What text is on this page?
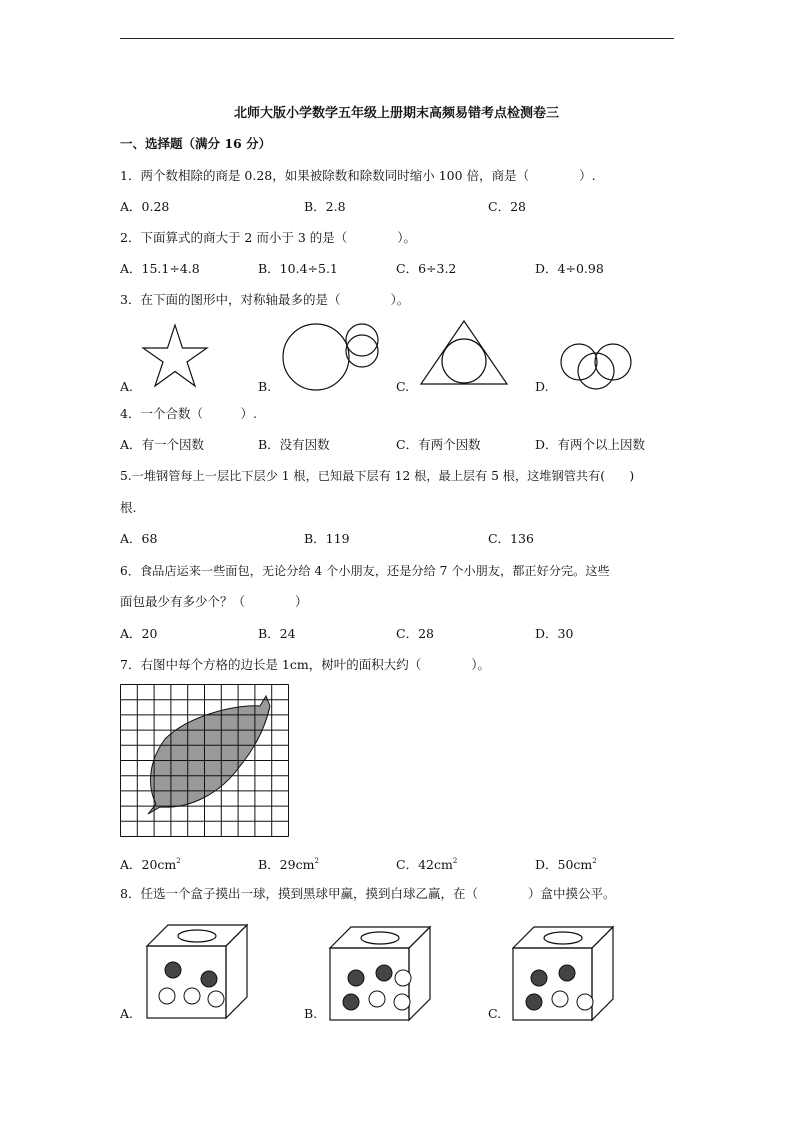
北师大版小学数学五年级上册期末高频易错考点检测卷三
一、选择题（满分 16 分）
1．两个数相除的商是 0.28，如果被除数和除数同时缩小 100 倍，商是（　　　　）.
A．0.28	B．2.8	C．28
2．下面算式的商大于 2 而小于 3 的是（　　　　）。
A．15.1÷4.8	B．10.4÷5.1	C．6÷3.2	D．4÷0.98
3．在下面的图形中，对称轴最多的是（　　　　）。
A.	B.	C.	D.
4．一个合数（　　　）.
A．有一个因数	B．没有因数	C．有两个因数	D．有两个以上因数
5.一堆钢管每上一层比下层少 1 根，已知最下层有 12 根，最上层有 5 根，这堆钢管共有(　　)
根.
A．68	B．119	C．136
6．食品店运来一些面包，无论分给 4 个小朋友，还是分给 7 个小朋友，都正好分完。这些
面包最少有多少个？（　　　　）
A．20	B．24	C．28	D．30
7．右图中每个方格的边长是 1cm，树叶的面积大约（　　　　）。
A．$20cm^2$	B．$29cm^2$	C．$42cm^2$	D．$50cm^2$
8．任选一个盒子摸出一球，摸到黑球甲赢，摸到白球乙赢，在（　　　　）盒中摸公平。
A.	B.	C.
